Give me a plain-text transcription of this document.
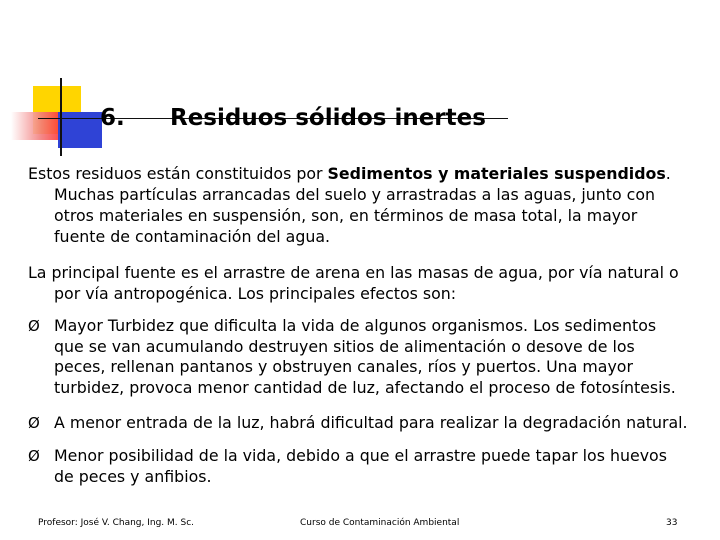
6. Residuos sólidos inertes
Estos residuos están constituidos por Sedimentos y materiales suspendidos.
Muchas partículas arrancadas del suelo y arrastradas a las aguas, junto con
otros materiales en suspensión, son, en términos de masa total, la mayor
fuente de contaminación del agua.
La principal fuente es el arrastre de arena en las masas de agua, por vía natural o
por vía antropogénica. Los principales efectos son:
Ø Mayor Turbidez que dificulta la vida de algunos organismos. Los sedimentos
que se van acumulando destruyen sitios de alimentación o desove de los
peces, rellenan pantanos y obstruyen canales, ríos y puertos. Una mayor
turbidez, provoca menor cantidad de luz, afectando el proceso de fotosíntesis.
Ø A menor entrada de la luz, habrá dificultad para realizar la degradación natural.
Ø Menor posibilidad de la vida, debido a que el arrastre puede tapar los huevos
de peces y anfibios.
Profesor: José V. Chang, Ing. M. Sc.	Curso de Contaminación Ambiental	33
